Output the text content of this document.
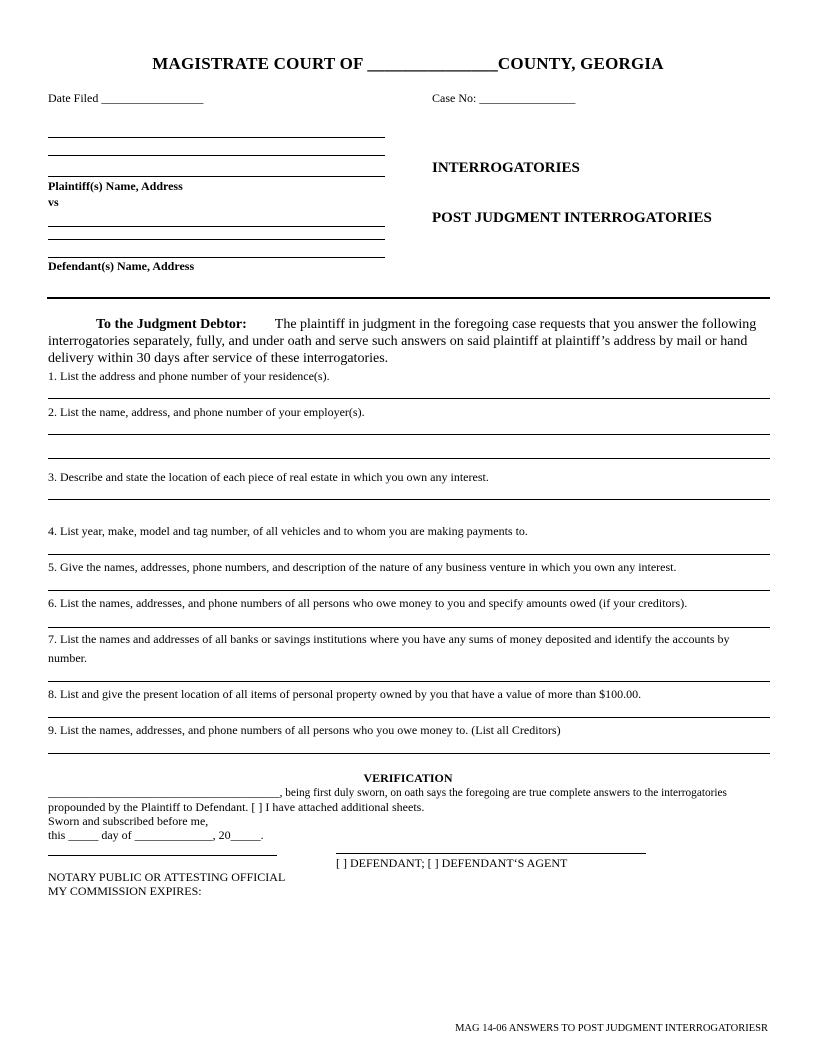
MAGISTRATE COURT OF _______________COUNTY, GEORGIA
Date Filed _________________	Case No: ________________
Plaintiff(s) Name, Address
vs
Defendant(s) Name, Address
INTERROGATORIES
POST JUDGMENT INTERROGATORIES
To the Judgment Debtor: The plaintiff in judgment in the foregoing case requests that you answer the following interrogatories separately, fully, and under oath and serve such answers on said plaintiff at plaintiff’s address by mail or hand delivery within 30 days after service of these interrogatories.
1. List the address and phone number of your residence(s).
2. List the name, address, and phone number of your employer(s).
3. Describe and state the location of each piece of real estate in which you own any interest.
4. List year, make, model and tag number, of all vehicles and to whom you are making payments to.
5. Give the names, addresses, phone numbers, and description of the nature of any business venture in which you own any interest.
6. List the names, addresses, and phone numbers of all persons who owe money to you and specify amounts owed (if your creditors).
7. List the names and addresses of all banks or savings institutions where you have any sums of money deposited and identify the accounts by number.
8. List and give the present location of all items of personal property owned by you that have a value of more than $100.00.
9. List the names, addresses, and phone numbers of all persons who you owe money to. (List all Creditors)
VERIFICATION
_________________________________________, being first duly sworn, on oath says the foregoing are true complete answers to the interrogatories
propounded by the Plaintiff to Defendant. [ ] I have attached additional sheets.
Sworn and subscribed before me,
this _____ day of _____________, 20_____.
NOTARY PUBLIC OR ATTESTING OFFICIAL
MY COMMISSION EXPIRES:
[ ] DEFENDANT; [ ] DEFENDANT‘S AGENT
MAG 14-06 ANSWERS TO POST JUDGMENT INTERROGATORIESR
